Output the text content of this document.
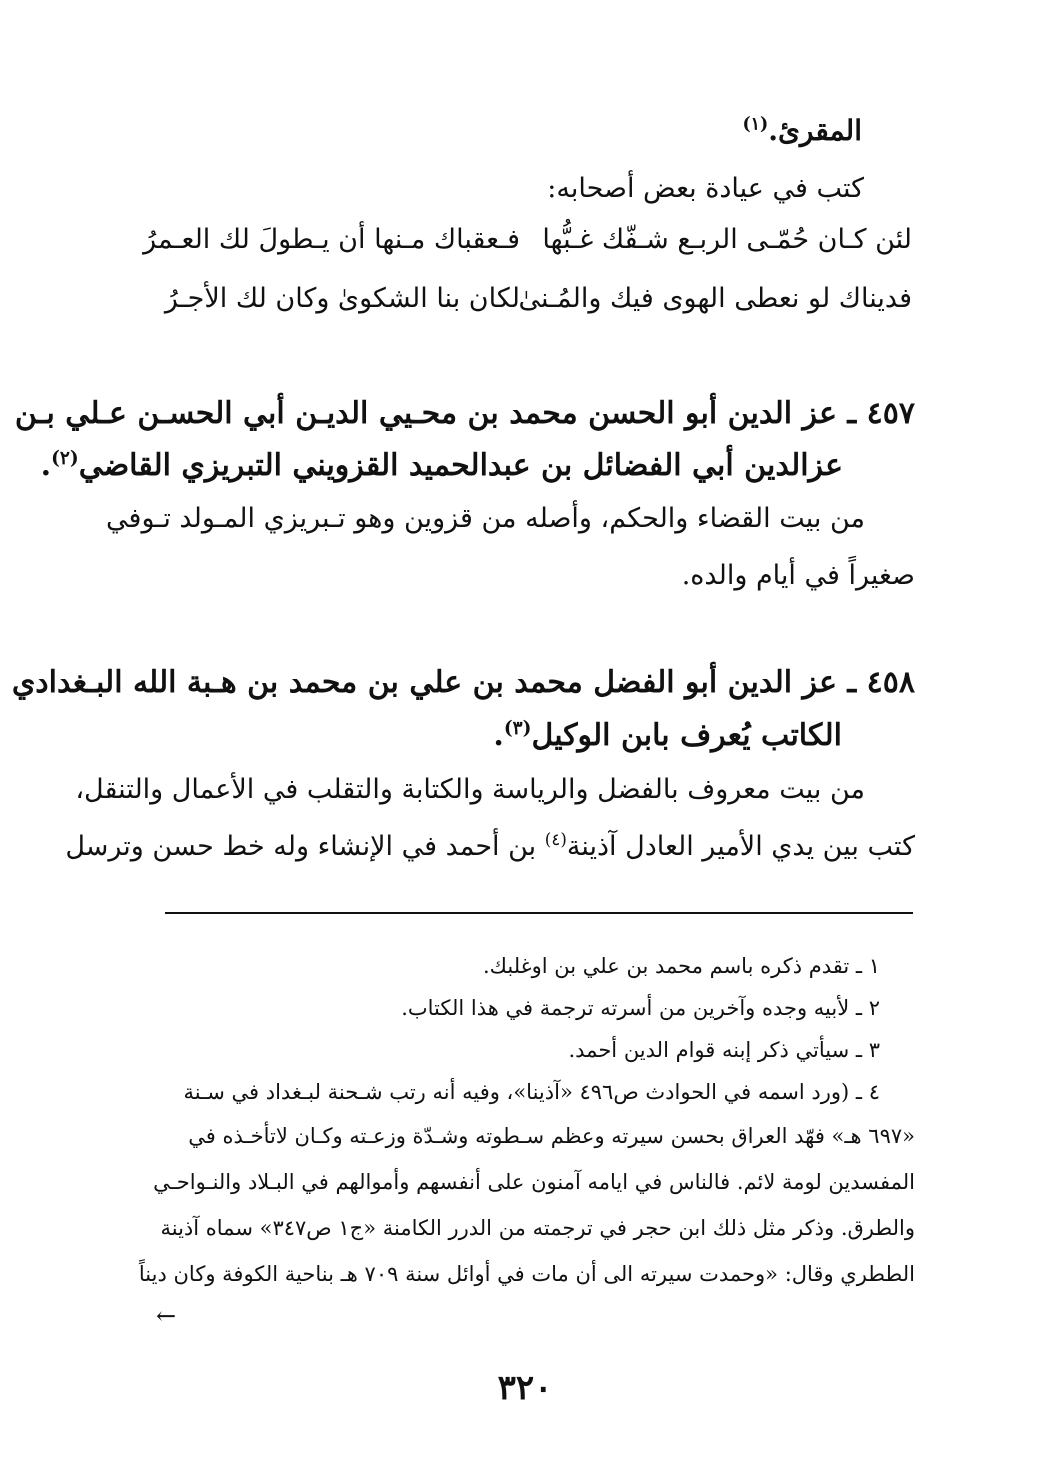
المقرئ.$^{(١)}$
كتب في عيادة بعض أصحابه:
لئن كـان حُمّـى الربـع شـفّك غـبُّها
فـعقباك مـنها أن يـطولَ لك العـمرُ
فديناك لو نعطى الهوى فيك والمُـنىٰ
لكان بنا الشكوىٰ وكان لك الأجـرُ
٤٥٧ ـ عز الدين أبو الحسن محمد بن محـيي الديـن أبي الحسـن عـلي بـن
عزالدين أبي الفضائل بن عبدالحميد القزويني التبريزي القاضي$^{(٢)}$.
من بيت القضاء والحكم، وأصله من قزوين وهو تـبريزي المـولد تـوفي
صغيراً في أيام والده.
٤٥٨ ـ عز الدين أبو الفضل محمد بن علي بن محمد بن هـبة الله البـغدادي
الكاتب يُعرف بابن الوكيل$^{(٣)}$.
من بيت معروف بالفضل والرياسة والكتابة والتقلب في الأعمال والتنقل،
كتب بين يدي الأمير العادل آذينة$^{(٤)}$ بن أحمد في الإنشاء وله خط حسن وترسل
١ ـ تقدم ذكره باسم محمد بن علي بن اوغلبك.
٢ ـ لأبيه وجده وآخرين من أسرته ترجمة في هذا الكتاب.
٣ ـ سيأتي ذكر إبنه قوام الدين أحمد.
٤ ـ (ورد اسمه في الحوادث ص٤٩٦ «آذينا»، وفيه أنه رتب شـحنة لبـغداد في سـنة
«٦٩٧ هـ» فهّد العراق بحسن سيرته وعظم سـطوته وشـدّة وزعـته وكـان لاتأخـذه في
المفسدين لومة لائم. فالناس في ايامه آمنون على أنفسهم وأموالهم في البـلاد والنـواحـي
والطرق. وذكر مثل ذلك ابن حجر في ترجمته من الدرر الكامنة «ج١ ص٣٤٧» سماه آذينة
الططري وقال: «وحمدت سيرته الى أن مات في أوائل سنة ٧٠٩ هـ بناحية الكوفة وكان ديناً
←
٣٢٠
